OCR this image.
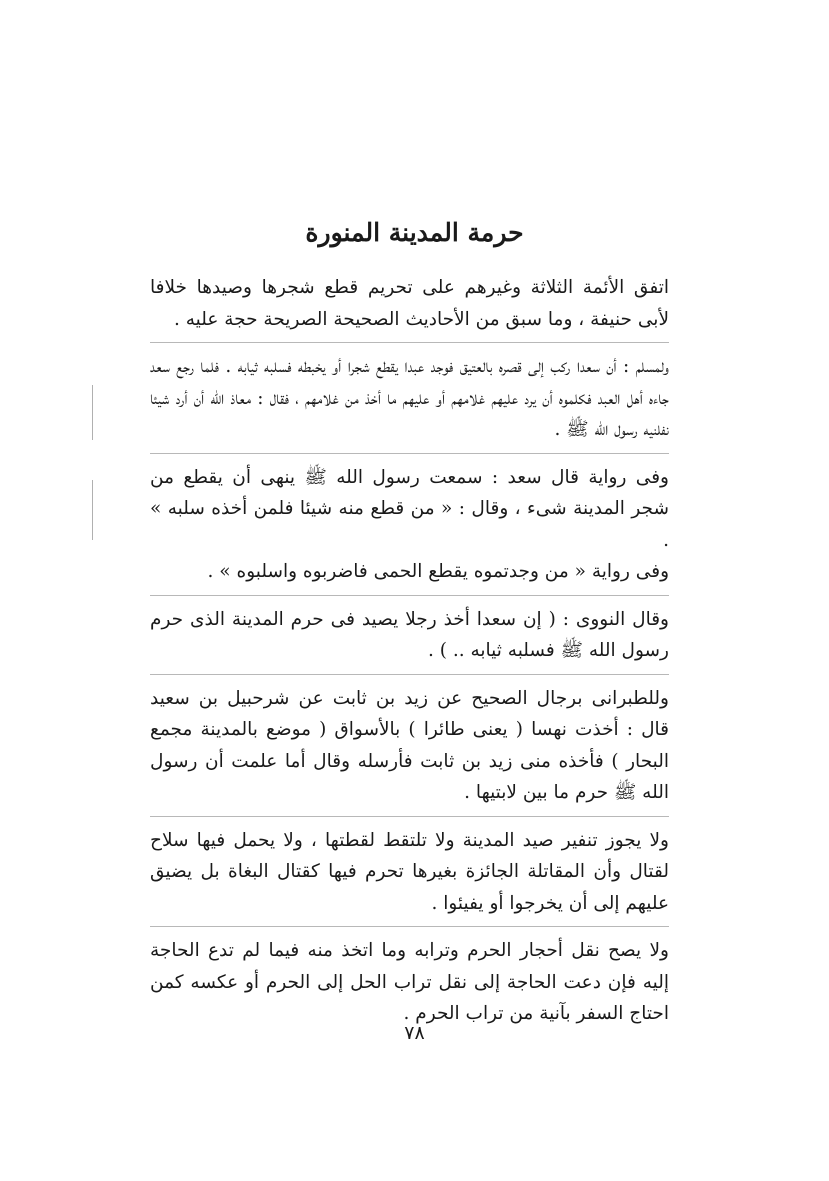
حرمة المدينة المنورة

اتفق الأئمة الثلاثة وغيرهم على تحريم قطع شجرها وصيدها خلافا لأبى حنيفة ، وما سبق من الأحاديث الصحيحة الصريحة حجة عليه .

ولمسلم : أن سعدا ركب إلى قصره بالعتيق فوجد عبدا يقطع شجرا أو يخبطه فسلبه ثيابه . فلما رجع سعد جاءه أهل العبد فكلموه أن يرد عليهم غلامهم أو عليهم ما أخذ من غلامهم ، فقال : معاذ الله أن أرد شيئا نفلنيه رسول الله ﷺ .

وفى رواية قال سعد : سمعت رسول الله ﷺ ينهى أن يقطع من شجر المدينة شىء ، وقال : « من قطع منه شيئا فلمن أخذه سلبه » .

وفى رواية « من وجدتموه يقطع الحمى فاضربوه واسلبوه » .

وقال النووى : ( إن سعدا أخذ رجلا يصيد فى حرم المدينة الذى حرم رسول الله ﷺ فسلبه ثيابه .. ) .

وللطبرانى برجال الصحيح عن زيد بن ثابت عن شرحبيل بن سعيد قال : أخذت نهسا ( يعنى طائرا ) بالأسواق ( موضع بالمدينة مجمع البحار ) فأخذه منى زيد بن ثابت فأرسله وقال أما علمت أن رسول الله ﷺ حرم ما بين لابتيها .

ولا يجوز تنفير صيد المدينة ولا تلتقط لقطتها ، ولا يحمل فيها سلاح لقتال وأن المقاتلة الجائزة بغيرها تحرم فيها كقتال البغاة بل يضيق عليهم إلى أن يخرجوا أو يفيئوا .

ولا يصح نقل أحجار الحرم وترابه وما اتخذ منه فيما لم تدع الحاجة إليه فإن دعت الحاجة إلى نقل تراب الحل إلى الحرم أو عكسه كمن احتاج السفر بآنية من تراب الحرم .

٧٨
